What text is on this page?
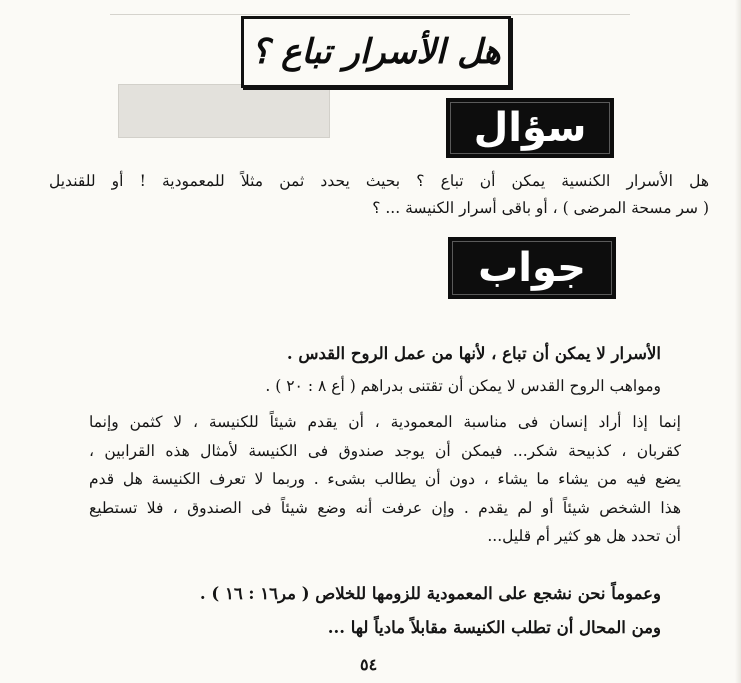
هل الأسرار تباع ؟
سؤال
هل الأسرار الكنسية يمكن أن تباع ؟ بحيث يحدد ثمن مثلاً للمعمودية ! أو للقنديل
( سر مسحة المرضى ) ، أو باقى أسرار الكنيسة ... ؟
جواب
الأسرار لا يمكن أن تباع ، لأنها من عمل الروح القدس .
ومواهب الروح القدس لا يمكن أن تقتنى بدراهم ( أع ٨ : ٢٠ ) .
إنما إذا أراد إنسان فى مناسبة المعمودية ، أن يقدم شيئاً للكنيسة ، لا كثمن وإنما
كقربان ، كذبيحة شكر... فيمكن أن يوجد صندوق فى الكنيسة لأمثال هذه القرابين ،
يضع فيه من يشاء ما يشاء ، دون أن يطالب بشىء . وربما لا تعرف الكنيسة هل قدم
هذا الشخص شيئاً أو لم يقدم . وإن عرفت أنه وضع شيئاً فى الصندوق ، فلا تستطيع
أن تحدد هل هو كثير أم قليل...
وعموماً نحن نشجع على المعمودية للزومها للخلاص ( مر١٦ : ١٦ ) .
ومن المحال أن تطلب الكنيسة مقابلاً مادياً لها ...
٥٤
